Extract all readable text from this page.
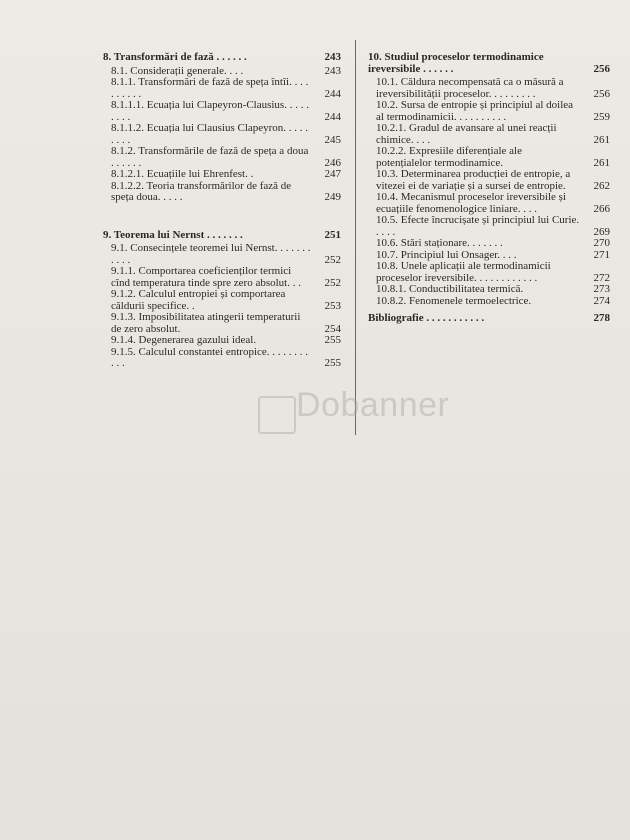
8. Transformări de fază . . . . . .	243
8.1. Considerații generale. . . .	243
8.1.1. Transformări de fază de speța întîi. . . . . . . . . .	244
8.1.1.1. Ecuația lui Clapeyron-Clausius. . . . . . . . .	244
8.1.1.2. Ecuația lui Clausius Clapeyron. . . . . . . . .	245
8.1.2. Transformările de fază de speța a doua . . . . . .	246
8.1.2.1. Ecuațiile lui Ehrenfest. .	247
8.1.2.2. Teoria transformărilor de fază de speța doua. . . . .	249
9. Teorema lui Nernst . . . . . . .	251
9.1. Consecințele teoremei lui Nernst. . . . . . . . . . .	252
9.1.1. Comportarea coeficienților termici cînd temperatura tinde spre zero absolut. . .	252
9.1.2. Calculul entropiei și comportarea căldurii specifice. .	253
9.1.3. Imposibilitatea atingerii temperaturii de zero absolut.	254
9.1.4. Degenerarea gazului ideal.	255
9.1.5. Calculul constantei entropice. . . . . . . . . . .	255
10. Studiul proceselor termodinamice ireversibile . . . . . .	256
10.1. Căldura necompensată ca o măsură a ireversibilității proceselor. . . . . . . . .	256
10.2. Sursa de entropie și principiul al doilea al termodinamicii. . . . . . . . . .	259
10.2.1. Gradul de avansare al unei reacții chimice. . . .	261
10.2.2. Expresiile diferențiale ale potențialelor termodinamice.	261
10.3. Determinarea producției de entropie, a vitezei ei de variație și a sursei de entropie.	262
10.4. Mecanismul proceselor ireversibile și ecuațiile fenomenologice liniare. . . .	266
10.5. Efecte încrucișate și principiul lui Curie. . . . .	269
10.6. Stări staționare. . . . . . .	270
10.7. Principiul lui Onsager. . . .	271
10.8. Unele aplicații ale termodinamicii proceselor ireversibile. . . . . . . . . . . .	272
10.8.1. Conductibilitatea termică.	273
10.8.2. Fenomenele termoelectrice.	274
Bibliografie . . . . . . . . . . .	278
Dobanner
